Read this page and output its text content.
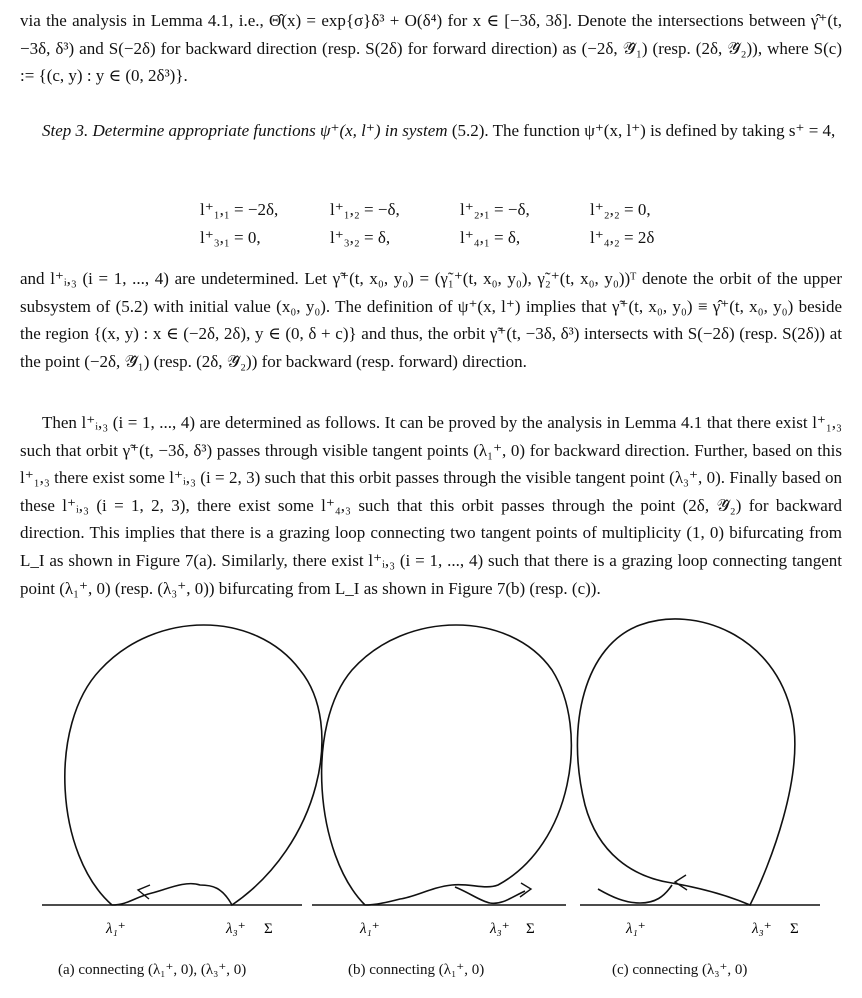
via the analysis in Lemma 4.1, i.e., Θ̂(x) = exp{σ}δ³ + O(δ⁴) for x ∈ [−3δ, 3δ]. Denote the intersections between γ̂⁺(t, −3δ, δ³) and S(−2δ) for backward direction (resp. S(2δ) for forward direction) as (−2δ, 𝒴̂₁) (resp. (2δ, 𝒴̂₂)), where S(c) := {(c, y) : y ∈ (0, 2δ³)}.

Step 3. Determine appropriate functions ψ⁺(x, l⁺) in system (5.2). The function ψ⁺(x, l⁺) is defined by taking s⁺ = 4,

l⁺₁,₁ = −2δ,	l⁺₁,₂ = −δ,	l⁺₂,₁ = −δ,	l⁺₂,₂ = 0,
l⁺₃,₁ = 0,	l⁺₃,₂ = δ,	l⁺₄,₁ = δ,	l⁺₄,₂ = 2δ

and l⁺ᵢ,₃ (i = 1, ..., 4) are undetermined. Let γ̃⁺(t, x₀, y₀) = (γ̃₁⁺(t, x₀, y₀), γ̃₂⁺(t, x₀, y₀))ᵀ denote the orbit of the upper subsystem of (5.2) with initial value (x₀, y₀). The definition of ψ⁺(x, l⁺) implies that γ̃⁺(t, x₀, y₀) ≡ γ̂⁺(t, x₀, y₀) beside the region {(x, y) : x ∈ (−2δ, 2δ), y ∈ (0, δ + c)} and thus, the orbit γ̃⁺(t, −3δ, δ³) intersects with S(−2δ) (resp. S(2δ)) at the point (−2δ, 𝒴̂₁) (resp. (2δ, 𝒴̂₂)) for backward (resp. forward) direction.

Then l⁺ᵢ,₃ (i = 1, ..., 4) are determined as follows. It can be proved by the analysis in Lemma 4.1 that there exist l⁺₁,₃ such that orbit γ̃⁺(t, −3δ, δ³) passes through visible tangent points (λ₁⁺, 0) for backward direction. Further, based on this l⁺₁,₃ there exist some l⁺ᵢ,₃ (i = 2, 3) such that this orbit passes through the visible tangent point (λ₃⁺, 0). Finally based on these l⁺ᵢ,₃ (i = 1, 2, 3), there exist some l⁺₄,₃ such that this orbit passes through the point (2δ, 𝒴̂₂) for backward direction. This implies that there is a grazing loop connecting two tangent points of multiplicity (1, 0) bifurcating from L_I as shown in Figure 7(a). Similarly, there exist l⁺ᵢ,₃ (i = 1, ..., 4) such that there is a grazing loop connecting tangent point (λ₁⁺, 0) (resp. (λ₃⁺, 0)) bifurcating from L_I as shown in Figure 7(b) (resp. (c)).

λ₁⁺	λ₃⁺ Σ	λ₁⁺	λ₃⁺ Σ	λ₁⁺	λ₃⁺ Σ
(a) connecting (λ₁⁺, 0), (λ₃⁺, 0)	(b) connecting (λ₁⁺, 0)	(c) connecting (λ₃⁺, 0)
